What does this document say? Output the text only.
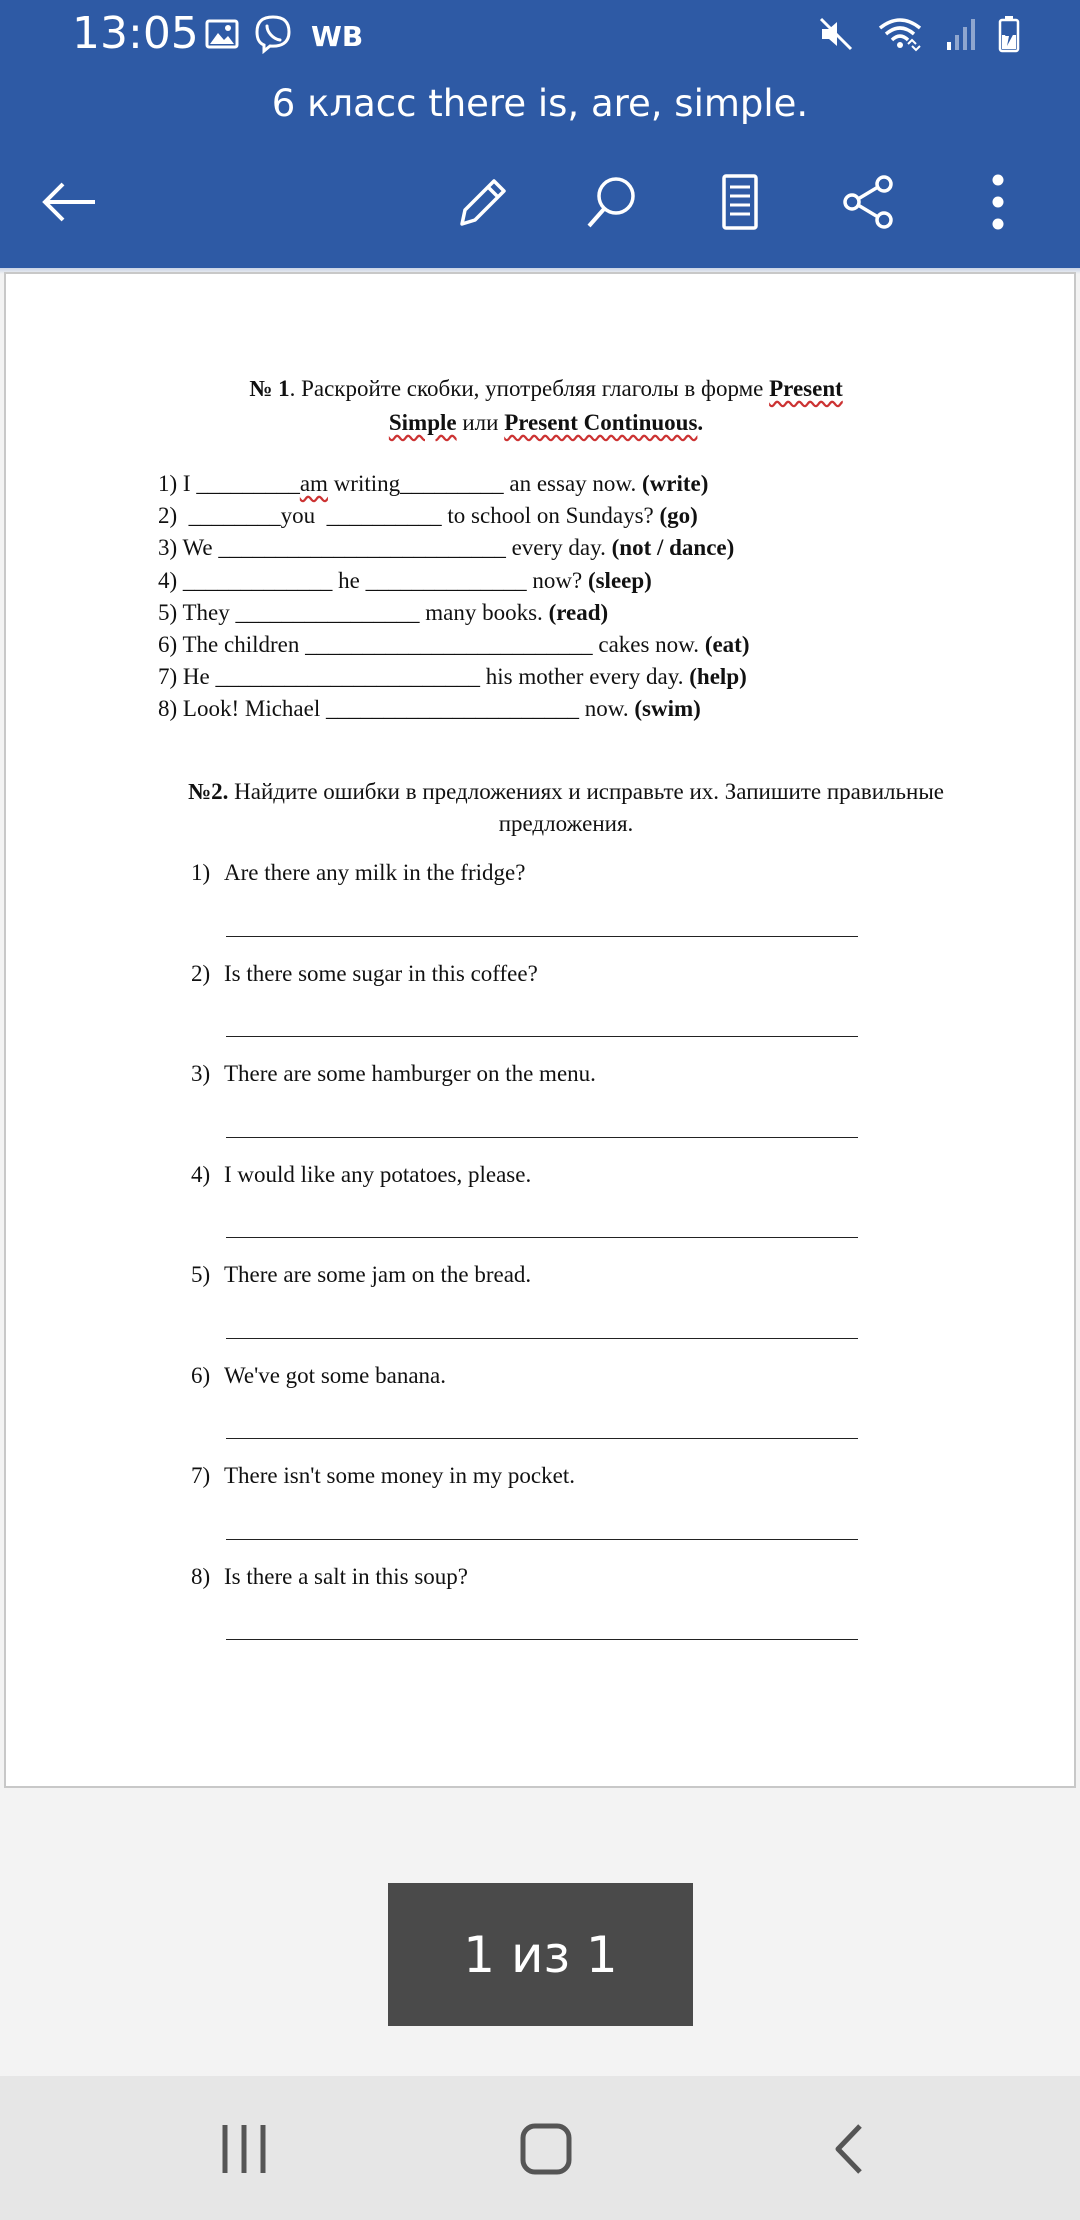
13:05	WB
6 класс there is, are, simple.
№ 1. Раскройте скобки, употребляя глаголы в форме Present
Simple или Present Continuous.
1) I _________am writing_________ an essay now. (write)
2)  ________you  __________ to school on Sundays? (go)
3) We _________________________ every day. (not / dance)
4) _____________ he ______________ now? (sleep)
5) They ________________ many books. (read)
6) The children _________________________ cakes now. (eat)
7) He _______________________ his mother every day. (help)
8) Look! Michael ______________________ now. (swim)
№2. Найдите ошибки в предложениях и исправьте их. Запишите правильные предложения.
1) Are there any milk in the fridge?
2) Is there some sugar in this coffee?
3) There are some hamburger on the menu.
4) I would like any potatoes, please.
5) There are some jam on the bread.
6) We've got some banana.
7) There isn't some money in my pocket.
8) Is there a salt in this soup?
1 из 1
